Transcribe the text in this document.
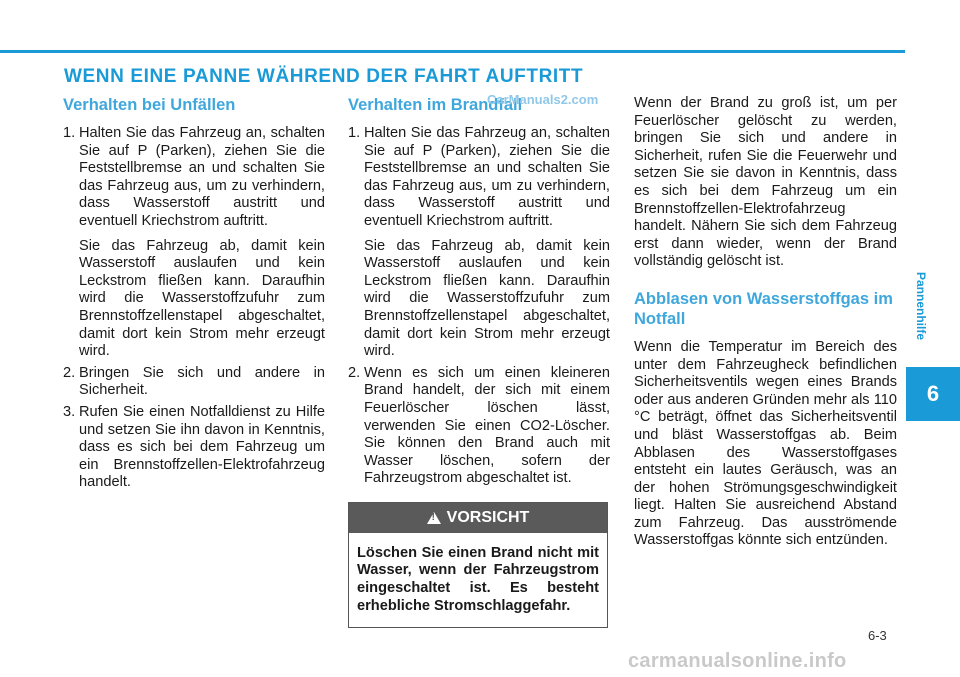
WENN EINE PANNE WÄHREND DER FAHRT AUFTRITT
Verhalten bei Unfällen
1. Halten Sie das Fahrzeug an, schalten Sie auf P (Parken), ziehen Sie die Feststellbremse an und schalten Sie das Fahrzeug aus, um zu verhindern, dass Wasserstoff austritt und eventuell Kriechstrom auftritt.

Sie das Fahrzeug ab, damit kein Wasserstoff auslaufen und kein Leckstrom fließen kann. Daraufhin wird die Wasserstoffzufuhr zum Brennstoffzellenstapel abgeschaltet, damit dort kein Strom mehr erzeugt wird.

2. Bringen Sie sich und andere in Sicherheit.

3. Rufen Sie einen Notfalldienst zu Hilfe und setzen Sie ihn davon in Kenntnis, dass es sich bei dem Fahrzeug um ein Brennstoffzellen-Elektrofahrzeug handelt.

Verhalten im Brandfall
1. Halten Sie das Fahrzeug an, schalten Sie auf P (Parken), ziehen Sie die Feststellbremse an und schalten Sie das Fahrzeug aus, um zu verhindern, dass Wasserstoff austritt und eventuell Kriechstrom auftritt.

Sie das Fahrzeug ab, damit kein Wasserstoff auslaufen und kein Leckstrom fließen kann. Daraufhin wird die Wasserstoffzufuhr zum Brennstoffzellenstapel abgeschaltet, damit dort kein Strom mehr erzeugt wird.

2. Wenn es sich um einen kleineren Brand handelt, der sich mit einem Feuerlöscher löschen lässt, verwenden Sie einen CO2-Löscher. Sie können den Brand auch mit Wasser löschen, sofern der Fahrzeugstrom abgeschaltet ist.

!
VORSICHT
Löschen Sie einen Brand nicht mit Wasser, wenn der Fahrzeugstrom eingeschaltet ist. Es besteht erhebliche Stromschlaggefahr.

Wenn der Brand zu groß ist, um per Feuerlöscher gelöscht zu werden, bringen Sie sich und andere in Sicherheit, rufen Sie die Feuerwehr und setzen Sie sie davon in Kenntnis, dass es sich bei dem Fahrzeug um ein Brennstoffzellen-Elektrofahrzeug handelt. Nähern Sie sich dem Fahrzeug erst dann wieder, wenn der Brand vollständig gelöscht ist.

Abblasen von Wasserstoffgas im Notfall

Wenn die Temperatur im Bereich des unter dem Fahrzeugheck befindlichen Sicherheitsventils wegen eines Brands oder aus anderen Gründen mehr als 110 °C beträgt, öffnet das Sicherheitsventil und bläst Wasserstoffgas ab. Beim Abblasen des Wasserstoffgases entsteht ein lautes Geräusch, was an der hohen Strömungsgeschwindigkeit liegt. Halten Sie ausreichend Abstand zum Fahrzeug. Das ausströmende Wasserstoffgas könnte sich entzünden.

Pannenhilfe
6
6-3
CarManuals2.com
carmanualsonline.info
